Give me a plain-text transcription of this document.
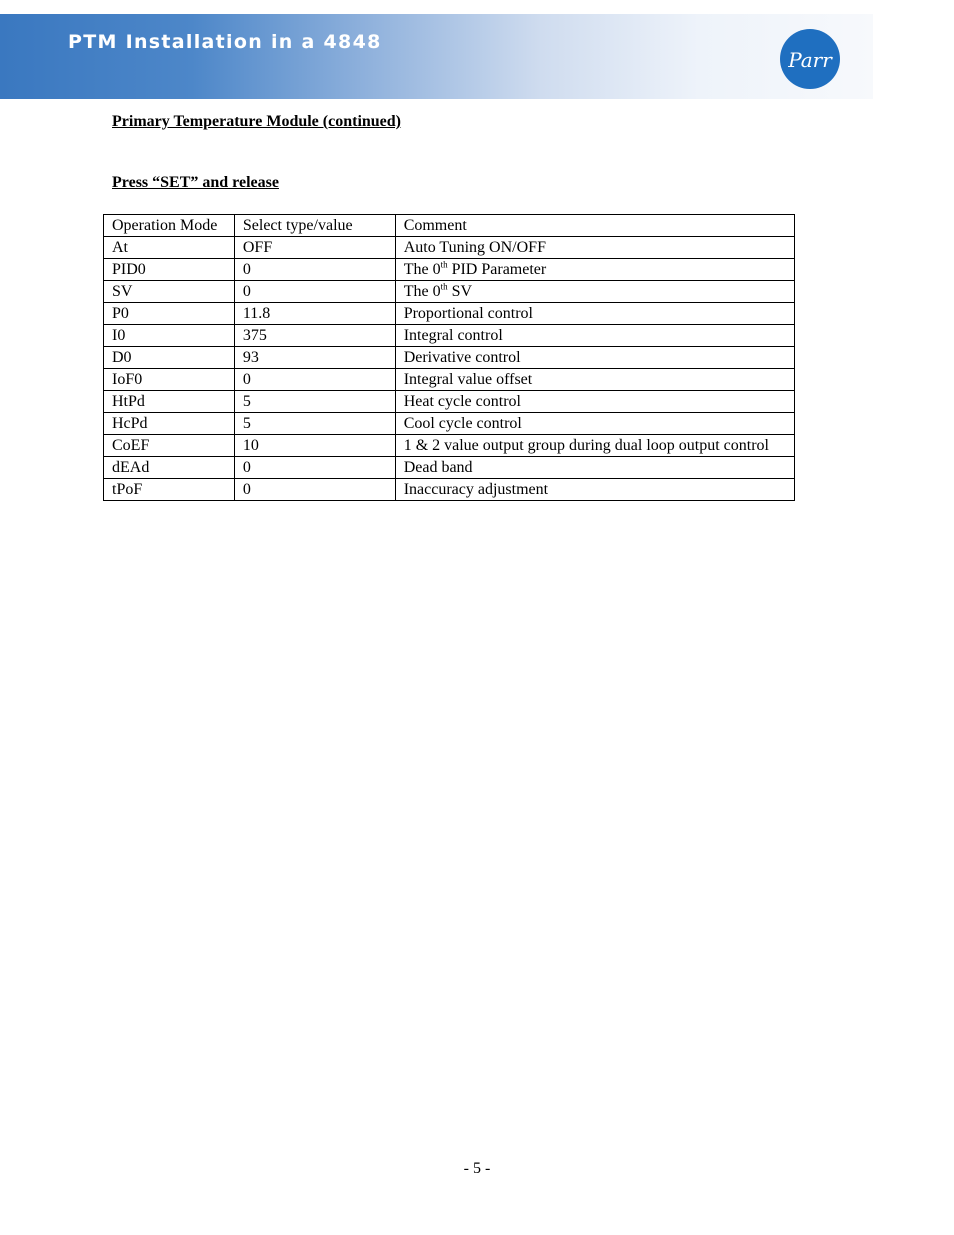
PTM Installation in a 4848
Parr
Primary Temperature Module (continued)
Press “SET” and release
Operation Mode	Select type/value	Comment
At	OFF	Auto Tuning ON/OFF
PID0	0	The 0th PID Parameter
SV	0	The 0th SV
P0	11.8	Proportional control
I0	375	Integral control
D0	93	Derivative control
IoF0	0	Integral value offset
HtPd	5	Heat cycle control
HcPd	5	Cool cycle control
CoEF	10	1 & 2 value output group during dual loop output control
dEAd	0	Dead band
tPoF	0	Inaccuracy adjustment
- 5 -
